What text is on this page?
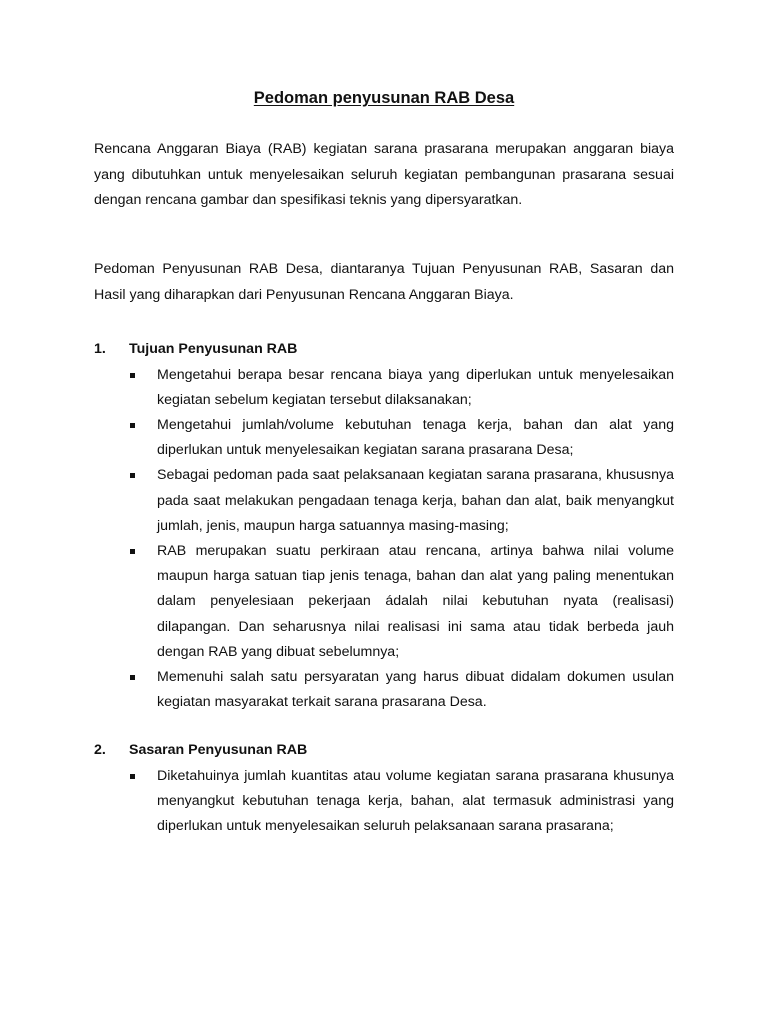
Pedoman penyusunan RAB Desa

Rencana Anggaran Biaya (RAB) kegiatan sarana prasarana merupakan anggaran biaya yang dibutuhkan untuk menyelesaikan seluruh kegiatan pembangunan prasarana sesuai dengan rencana gambar dan spesifikasi teknis yang dipersyaratkan.

Pedoman Penyusunan RAB Desa, diantaranya Tujuan Penyusunan RAB, Sasaran dan Hasil yang diharapkan dari Penyusunan Rencana Anggaran Biaya.

1.	Tujuan Penyusunan RAB
Mengetahui berapa besar rencana biaya yang diperlukan untuk menyelesaikan kegiatan sebelum kegiatan tersebut dilaksanakan;
Mengetahui jumlah/volume kebutuhan tenaga kerja, bahan dan alat yang diperlukan untuk menyelesaikan kegiatan sarana prasarana Desa;
Sebagai pedoman pada saat pelaksanaan kegiatan sarana prasarana, khususnya pada saat melakukan pengadaan tenaga kerja, bahan dan alat, baik menyangkut jumlah, jenis, maupun harga satuannya masing-masing;
RAB merupakan suatu perkiraan atau rencana, artinya bahwa nilai volume maupun harga satuan tiap jenis tenaga, bahan dan alat yang paling menentukan dalam penyelesiaan pekerjaan ádalah nilai kebutuhan nyata (realisasi) dilapangan. Dan seharusnya nilai realisasi ini sama atau tidak berbeda jauh dengan RAB yang dibuat sebelumnya;
Memenuhi salah satu persyaratan yang harus dibuat didalam dokumen usulan kegiatan masyarakat terkait sarana prasarana Desa.
2.	Sasaran Penyusunan RAB
Diketahuinya jumlah kuantitas atau volume kegiatan sarana prasarana khusunya menyangkut kebutuhan tenaga kerja, bahan, alat termasuk administrasi yang diperlukan untuk menyelesaikan seluruh pelaksanaan sarana prasarana;
